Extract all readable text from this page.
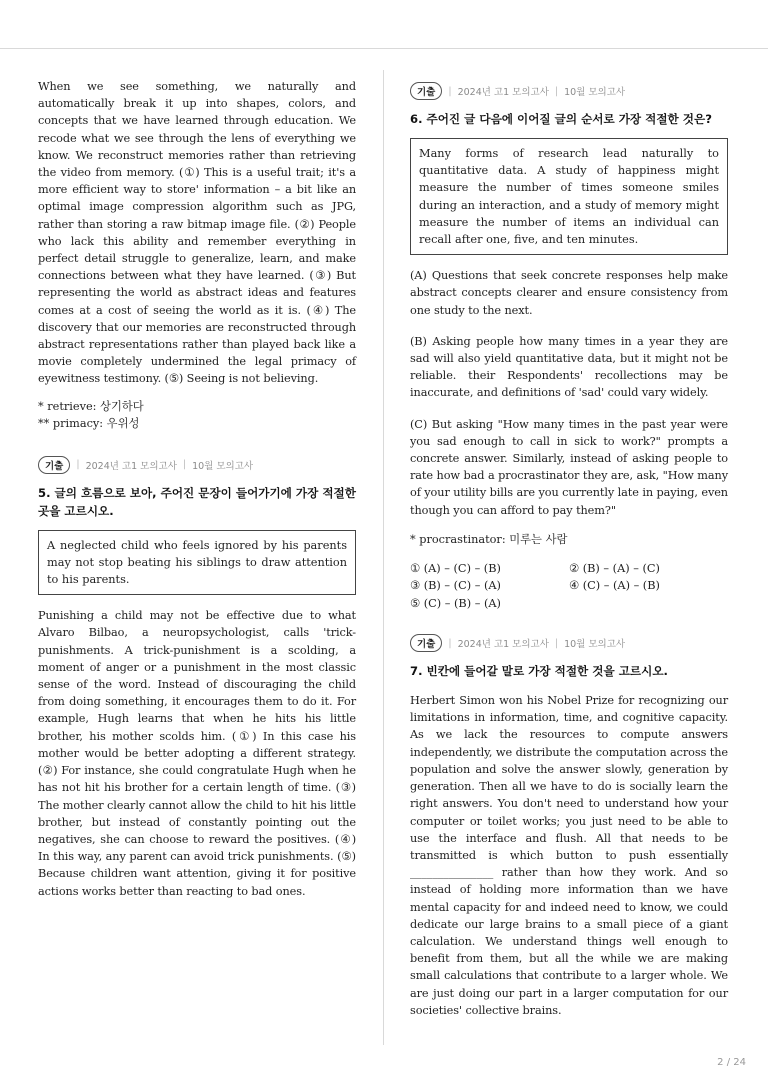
When we see something, we naturally and automatically break it up into shapes, colors, and concepts that we have learned through education. We recode what we see through the lens of everything we know. We reconstruct memories rather than retrieving the video from memory. (①) This is a useful trait; it's a more efficient way to store' information – a bit like an optimal image compression algorithm such as JPG, rather than storing a raw bitmap image file. (②) People who lack this ability and remember everything in perfect detail struggle to generalize, learn, and make connections between what they have learned. (③) But representing the world as abstract ideas and features comes at a cost of seeing the world as it is. (④) The discovery that our memories are reconstructed through abstract representations rather than played back like a movie completely undermined the legal primacy of eyewitness testimony. (⑤) Seeing is not believing.

* retrieve: 상기하다
** primacy: 우위성
기출	| 2024년 고1 모의고사 | 10월 모의고사
5. 글의 흐름으로 보아, 주어진 문장이 들어가기에 가장 적절한 곳을 고르시오.
A neglected child who feels ignored by his parents may not stop beating his siblings to draw attention to his parents.

Punishing a child may not be effective due to what Alvaro Bilbao, a neuropsychologist, calls 'trick-punishments. A trick-punishment is a scolding, a moment of anger or a punishment in the most classic sense of the word. Instead of discouraging the child from doing something, it encourages them to do it. For example, Hugh learns that when he hits his little brother, his mother scolds him. (①) In this case his mother would be better adopting a different strategy. (②) For instance, she could congratulate Hugh when he has not hit his brother for a certain length of time. (③) The mother clearly cannot allow the child to hit his little brother, but instead of constantly pointing out the negatives, she can choose to reward the positives. (④) In this way, any parent can avoid trick punishments. (⑤) Because children want attention, giving it for positive actions works better than reacting to bad ones.

기출	| 2024년 고1 모의고사 | 10월 모의고사
6. 주어진 글 다음에 이어질 글의 순서로 가장 적절한 것은?
Many forms of research lead naturally to quantitative data. A study of happiness might measure the number of times someone smiles during an interaction, and a study of memory might measure the number of items an individual can recall after one, five, and ten minutes.

(A) Questions that seek concrete responses help make abstract concepts clearer and ensure consistency from one study to the next.

(B) Asking people how many times in a year they are sad will also yield quantitative data, but it might not be reliable. their Respondents' recollections may be inaccurate, and definitions of 'sad' could vary widely.

(C) But asking "How many times in the past year were you sad enough to call in sick to work?" prompts a concrete answer. Similarly, instead of asking people to rate how bad a procrastinator they are, ask, "How many of your utility bills are you currently late in paying, even though you can afford to pay them?"

* procrastinator: 미루는 사람
① (A) – (C) – (B)	② (B) – (A) – (C)
③ (B) – (C) – (A)	④ (C) – (A) – (B)
⑤ (C) – (B) – (A)
기출	| 2024년 고1 모의고사 | 10월 모의고사
7. 빈칸에 들어갈 말로 가장 적절한 것을 고르시오.

Herbert Simon won his Nobel Prize for recognizing our limitations in information, time, and cognitive capacity. As we lack the resources to compute answers independently, we distribute the computation across the population and solve the answer slowly, generation by generation. Then all we have to do is socially learn the right answers. You don't need to understand how your computer or toilet works; you just need to be able to use the interface and flush. All that needs to be transmitted is which button to push essentially _______________ rather than how they work. And so instead of holding more information than we have mental capacity for and indeed need to know, we could dedicate our large brains to a small piece of a giant calculation. We understand things well enough to benefit from them, but all the while we are making small calculations that contribute to a larger whole. We are just doing our part in a larger computation for our societies' collective brains.

2 / 24
